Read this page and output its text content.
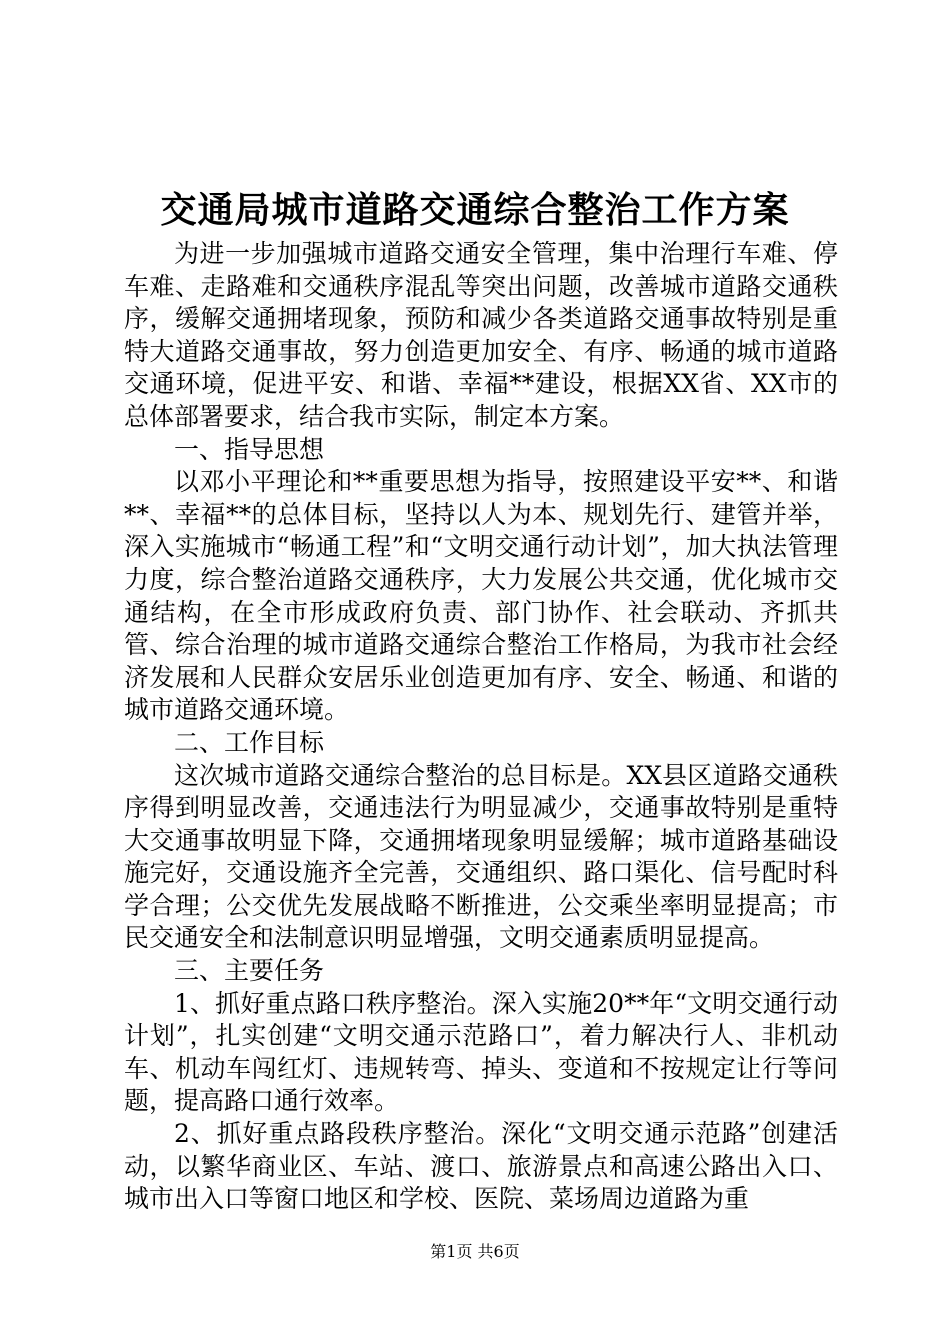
交通局城市道路交通综合整治工作方案

为进一步加强城市道路交通安全管理，集中治理行车难、停车难、走路难和交通秩序混乱等突出问题，改善城市道路交通秩序，缓解交通拥堵现象，预防和减少各类道路交通事故特别是重特大道路交通事故，努力创造更加安全、有序、畅通的城市道路交通环境，促进平安、和谐、幸福**建设，根据XX省、XX市的总体部署要求，结合我市实际，制定本方案。

一、指导思想

以邓小平理论和**重要思想为指导，按照建设平安**、和谐**、幸福**的总体目标，坚持以人为本、规划先行、建管并举，深入实施城市“畅通工程”和“文明交通行动计划”，加大执法管理力度，综合整治道路交通秩序，大力发展公共交通，优化城市交通结构，在全市形成政府负责、部门协作、社会联动、齐抓共管、综合治理的城市道路交通综合整治工作格局，为我市社会经济发展和人民群众安居乐业创造更加有序、安全、畅通、和谐的城市道路交通环境。

二、工作目标

这次城市道路交通综合整治的总目标是。XX县区道路交通秩序得到明显改善，交通违法行为明显减少，交通事故特别是重特大交通事故明显下降，交通拥堵现象明显缓解；城市道路基础设施完好，交通设施齐全完善，交通组织、路口渠化、信号配时科学合理；公交优先发展战略不断推进，公交乘坐率明显提高；市民交通安全和法制意识明显增强，文明交通素质明显提高。

三、主要任务

1、抓好重点路口秩序整治。深入实施20**年“文明交通行动计划”，扎实创建“文明交通示范路口”，着力解决行人、非机动车、机动车闯红灯、违规转弯、掉头、变道和不按规定让行等问题，提高路口通行效率。

2、抓好重点路段秩序整治。深化“文明交通示范路”创建活动，以繁华商业区、车站、渡口、旅游景点和高速公路出入口、城市出入口等窗口地区和学校、医院、菜场周边道路为重

第1页 共6页
